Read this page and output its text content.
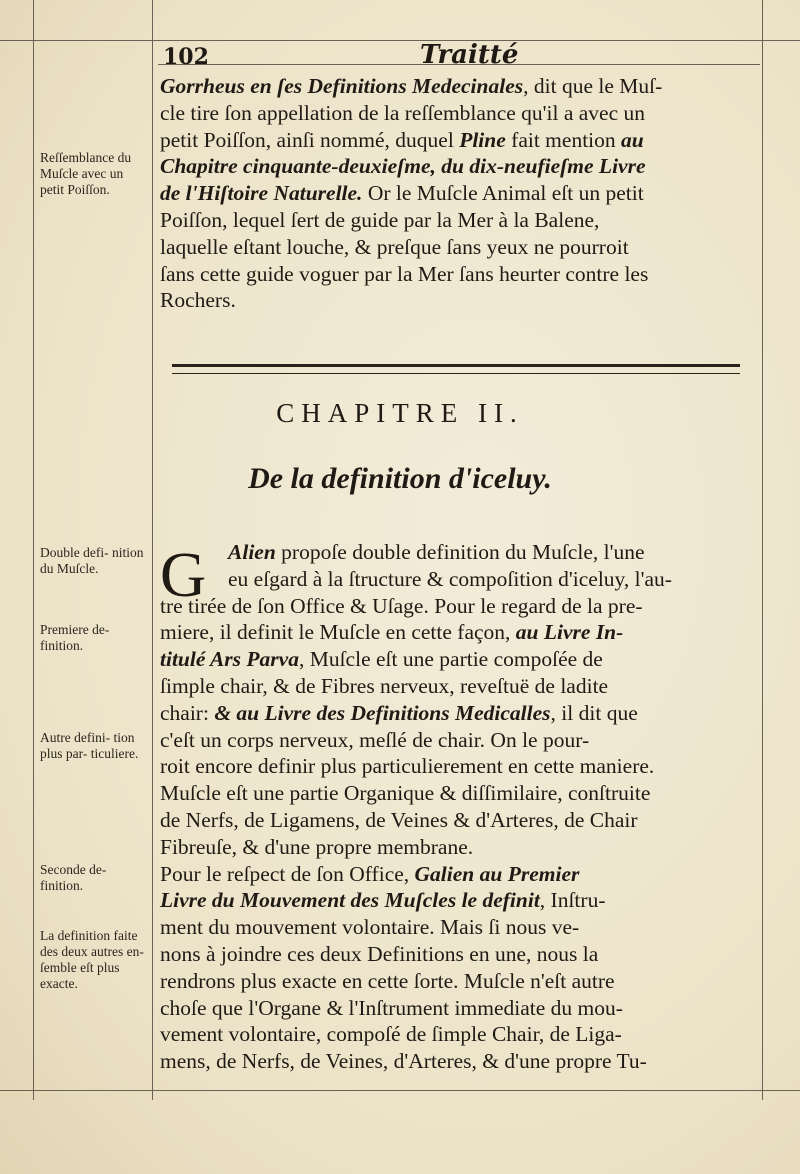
102	Traitté
Reſſemblance du Muſcle avec un petit Poiſſon.
Double defi- nition du Muſcle.
Premiere de- finition.
Autre defini- tion plus par- ticuliere.
Seconde de- finition.
La definition faite des deux autres en- ſemble eſt plus exacte.
Gorrheus en ſes Definitions Medecinales, dit que le Muſ-
cle tire ſon appellation de la reſſemblance qu'il a avec un
petit Poiſſon, ainſi nommé, duquel Pline fait mention au
Chapitre cinquante-deuxieſme, du dix-neufieſme Livre
de l'Hiſtoire Naturelle. Or le Muſcle Animal eſt un petit
Poiſſon, lequel ſert de guide par la Mer à la Balene,
laquelle eſtant louche, & preſque ſans yeux ne pourroit
ſans cette guide voguer par la Mer ſans heurter contre les
Rochers.
CHAPITRE II.
De la definition d'iceluy.
G Alien propoſe double definition du Muſcle, l'une
eu eſgard à la ſtructure & compoſition d'iceluy, l'au-
tre tirée de ſon Office & Uſage. Pour le regard de la pre-
miere, il definit le Muſcle en cette façon, au Livre In-
titulé Ars Parva, Muſcle eſt une partie compoſée de
ſimple chair, & de Fibres nerveux, reveſtuë de ladite
chair: & au Livre des Definitions Medicalles, il dit que
c'eſt un corps nerveux, meſlé de chair. On le pour-
roit encore definir plus particulierement en cette maniere.
Muſcle eſt une partie Organique & diſſimilaire, conſtruite
de Nerfs, de Ligamens, de Veines & d'Arteres, de Chair
Fibreuſe, & d'une propre membrane.
Pour le reſpect de ſon Office, Galien au Premier
Livre du Mouvement des Muſcles le definit, Inſtru-
ment du mouvement volontaire. Mais ſi nous ve-
nons à joindre ces deux Definitions en une, nous la
rendrons plus exacte en cette ſorte. Muſcle n'eſt autre
choſe que l'Organe & l'Inſtrument immediate du mou-
vement volontaire, compoſé de ſimple Chair, de Liga-
mens, de Nerfs, de Veines, d'Arteres, & d'une propre Tu-
